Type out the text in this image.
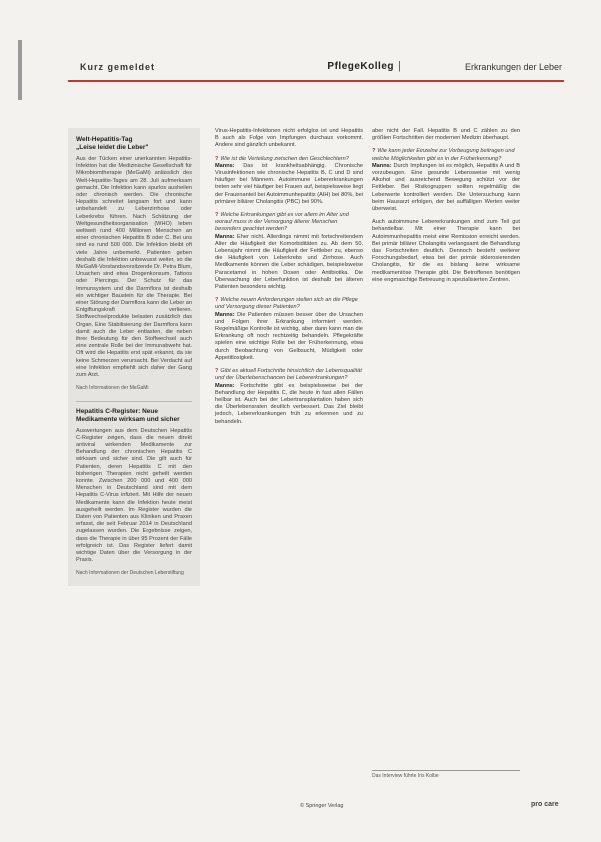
Kurz gemeldet	PflegeKolleg |	Erkrankungen der Leber
Welt-Hepatitis-Tag
„Leise leidet die Leber"
Aus der Tücken einer unerkannten Hepatitis-Infektion hat die Medizinische Gesellschaft für Mikrobiomtherapie (MeGaMi) anlässlich des Welt-Hepatitis-Tages am 28. Juli aufmerksam gemacht. Die Infektion kann spurlos ausheilen oder chronisch werden. Die chronische Hepatitis schreitet langsam fort und kann unbehandelt zu Leberzirrhose oder Leberkrebs führen. Nach Schätzung der Weltgesundheitsorganisation (WHO) leben weltweit rund 400 Millionen Menschen an einer chronischen Hepatitis B oder C. Bei uns sind es rund 500 000. Die Infektion bleibt oft viele Jahre unbemerkt. Patienten geben deshalb die Infektion unbewusst weiter, so die MeGaMi-Vorstandsvorsitzende Dr. Petra Blum, Ursachen sind etwa Drogenkonsum, Tattoos oder Piercings. Der Schutz für das Immunsystem und die Darmflora ist deshalb ein wichtiger Baustein für die Therapie. Bei einer Störung der Darmflora kann die Leber an Entgiftungskraft verlieren. Stoffwechselprodukte belasten zusätzlich das Organ. Eine Stabilisierung der Darmflora kann damit auch die Leber entlasten, die neben ihrer Bedeutung für den Stoffwechsel auch eine zentrale Rolle bei der Immunabwehr hat. Oft wird die Hepatitis erst spät erkannt, da sie keine Schmerzen verursacht. Bei Verdacht auf eine Infektion empfiehlt sich daher der Gang zum Arzt.
Nach Informationen der MeGaMi
Hepatitis C-Register: Neue Medikamente wirksam und sicher
Auswertungen aus dem Deutschen Hepatitis C-Register zeigen, dass die neuen direkt antiviral wirkenden Medikamente zur Behandlung der chronischen Hepatitis C wirksam und sicher sind. Die gilt auch für Patienten, deren Hepatitis C mit den bisherigen Therapien nicht geheilt werden konnte. Zwischen 200 000 und 400 000 Menschen in Deutschland sind mit dem Hepatitis C-Virus infiziert. Mit Hilfe der neuen Medikamente kann die Infektion heute meist ausgeheilt werden. Im Register wurden die Daten von Patienten aus Kliniken und Praxen erfasst, die seit Februar 2014 in Deutschland zugelassen wurden. Die Ergebnisse zeigen, dass die Therapie in über 95 Prozent der Fälle erfolgreich ist. Das Register liefert damit wichtige Daten über die Versorgung in der Praxis.
Nach Informationen der Deutschen Leberstiftung
Virus-Hepatitis-Infektionen nicht erfolglos ist und Hepatitis B auch als Folge von Impfungen durchaus vorkommt. Andere sind gänzlich unbekannt.
? Wie ist die Verteilung zwischen den Geschlechtern?
Manns: Das ist krankheitsabhängig. Chronische Virusinfektionen wie chronische Hepatitis B, C und D sind häufiger bei Männern. Autoimmune Lebererkrankungen treten sehr viel häufiger bei Frauen auf, beispielsweise liegt der Frauenanteil bei Autoimmunhepatitis (AIH) bei 80%, bei primärer biliärer Cholangitis (PBC) bei 90%.
? Welche Erkrankungen gibt es vor allem im Alter und worauf muss in der Versorgung älterer Menschen besonders geachtet werden?
Manns: Eher nicht. Allerdings nimmt mit fortschreitendem Alter die Häufigkeit der Komorbiditäten zu. Ab dem 50. Lebensjahr nimmt die Häufigkeit der Fettleber zu, ebenso die Häufigkeit von Leberkrebs und Zirrhose. Auch Medikamente können die Leber schädigen, beispielsweise Paracetamol in hohen Dosen oder Antibiotika. Die Überwachung der Leberfunktion ist deshalb bei älteren Patienten besonders wichtig.
? Welche neuen Anforderungen stellen sich an die Pflege und Versorgung dieser Patienten?
Manns: Die Patienten müssen besser über die Ursachen und Folgen ihrer Erkrankung informiert werden. Regelmäßige Kontrolle ist wichtig, aber dann kann man die Erkrankung oft noch rechtzeitig behandeln. Pflegekräfte spielen eine wichtige Rolle bei der Früherkennung, etwa durch Beobachtung von Gelbsucht, Müdigkeit oder Appetitlosigkeit.
? Gibt es aktuell Fortschritte hinsichtlich der Lebensqualität und der Überlebenschancen bei Lebererkrankungen?
Manns: Fortschritte gibt es beispielsweise bei der Behandlung der Hepatitis C, die heute in fast allen Fällen heilbar ist. Auch bei der Lebertransplantation haben sich die Überlebensraten deutlich verbessert. Das Ziel bleibt jedoch, Lebererkrankungen früh zu erkennen und zu behandeln.
aber nicht der Fall. Hepatitis B und C zählen zu den größten Fortschritten der modernen Medizin überhaupt.
? Wie kann jeder Einzelne zur Vorbeugung beitragen und welche Möglichkeiten gibt es in der Früherkennung?
Manns: Durch Impfungen ist es möglich, Hepatitis A und B vorzubeugen. Eine gesunde Lebensweise mit wenig Alkohol und ausreichend Bewegung schützt vor der Fettleber. Bei Risikogruppen sollten regelmäßig die Leberwerte kontrolliert werden. Die Untersuchung kann beim Hausarzt erfolgen, der bei auffälligen Werten weiter überweist.
Auch autoimmune Lebererkrankungen sind zum Teil gut behandelbar. Mit einer Therapie kann bei Autoimmunhepatitis meist eine Remission erreicht werden. Bei primär biliärer Cholangitis verlangsamt die Behandlung das Fortschreiten deutlich. Dennoch besteht weiterer Forschungsbedarf, etwa bei der primär sklerosierenden Cholangitis, für die es bislang keine wirksame medikamentöse Therapie gibt. Die Betroffenen benötigen eine engmaschige Betreuung in spezialisierten Zentren.
Das Interview führte Iris Kolbe
© Springer Verlag	pro care
